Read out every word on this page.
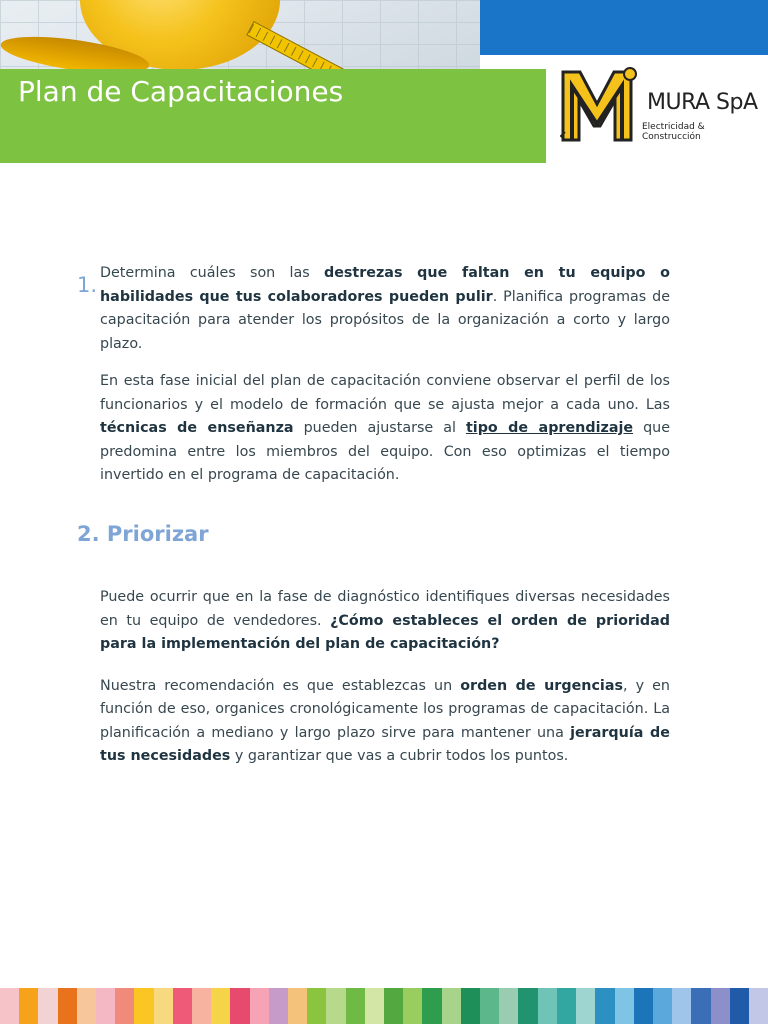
Plan de Capacitaciones	MURA SpA
Electricidad &
Construcción
1. Determina cuáles son las destrezas que faltan en tu equipo o habilidades que tus colaboradores pueden pulir. Planifica programas de capacitación para atender los propósitos de la organización a corto y largo plazo.

En esta fase inicial del plan de capacitación conviene observar el perfil de los funcionarios y el modelo de formación que se ajusta mejor a cada uno. Las técnicas de enseñanza pueden ajustarse al tipo de aprendizaje que predomina entre los miembros del equipo. Con eso optimizas el tiempo invertido en el programa de capacitación.

2. Priorizar

Puede ocurrir que en la fase de diagnóstico identifiques diversas necesidades en tu equipo de vendedores. ¿Cómo estableces el orden de prioridad para la implementación del plan de capacitación?

Nuestra recomendación es que establezcas un orden de urgencias, y en función de eso, organices cronológicamente los programas de capacitación. La planificación a mediano y largo plazo sirve para mantener una jerarquía de tus necesidades y garantizar que vas a cubrir todos los puntos.
